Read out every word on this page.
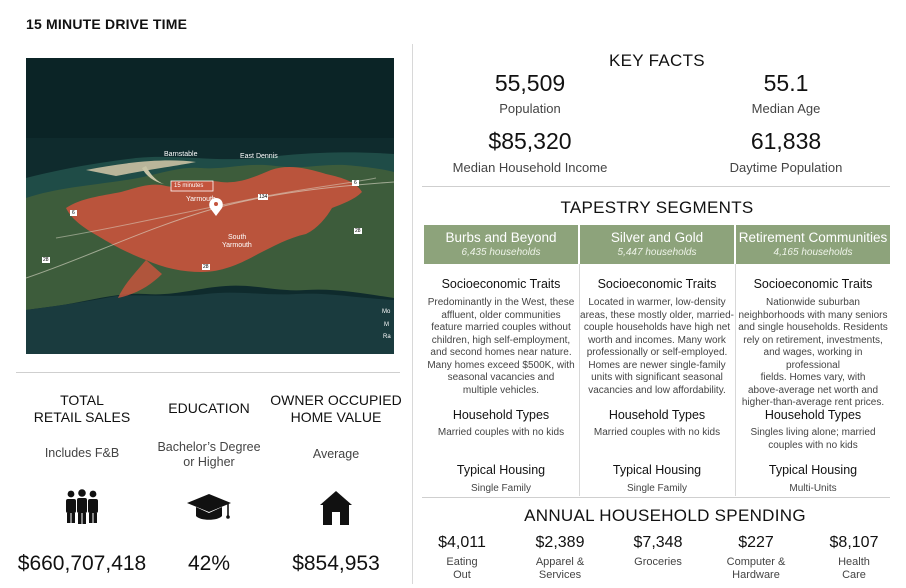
15 MINUTE DRIVE TIME
Barnstable	East Dennis
15 minutes
Yarmouth
South
Yarmouth
6
6
134
28
28
28
Mo
M
Ra
TOTAL
RETAIL SALES
Includes F&B
$660,707,418
EDUCATION
Bachelor’s Degree
or Higher
42%
OWNER OCCUPIED
HOME VALUE
Average
$854,953
KEY FACTS
55,509
Population
55.1
Median Age
$85,320
Median Household Income
61,838
Daytime Population
TAPESTRY SEGMENTS
Burbs and Beyond
6,435 households
Silver and Gold
5,447 households
Retirement Communities
4,165 households
Socioeconomic Traits
Predominantly in the West, these
affluent, older communities
feature married couples without
children, high self-employment,
and second homes near nature.
Many homes exceed $500K, with
seasonal vacancies and
multiple vehicles.
Household Types
Married couples with no kids
Typical Housing
Single Family
Socioeconomic Traits
Located in warmer, low-density
areas, these mostly older, married-
couple households have high net
worth and incomes. Many work
professionally or self-employed.
Homes are newer single-family
units with significant seasonal
vacancies and low affordability.
Household Types
Married couples with no kids
Typical Housing
Single Family
Socioeconomic Traits
Nationwide suburban
neighborhoods with many seniors
and single households. Residents
rely on retirement, investments,
and wages, working in professional
fields. Homes vary, with
above-average net worth and
higher-than-average rent prices.
Household Types
Singles living alone; married
couples with no kids
Typical Housing
Multi-Units
ANNUAL HOUSEHOLD SPENDING
$4,011
Eating
Out
$2,389
Apparel &
Services
$7,348
Groceries
$227
Computer &
Hardware
$8,107
Health
Care
